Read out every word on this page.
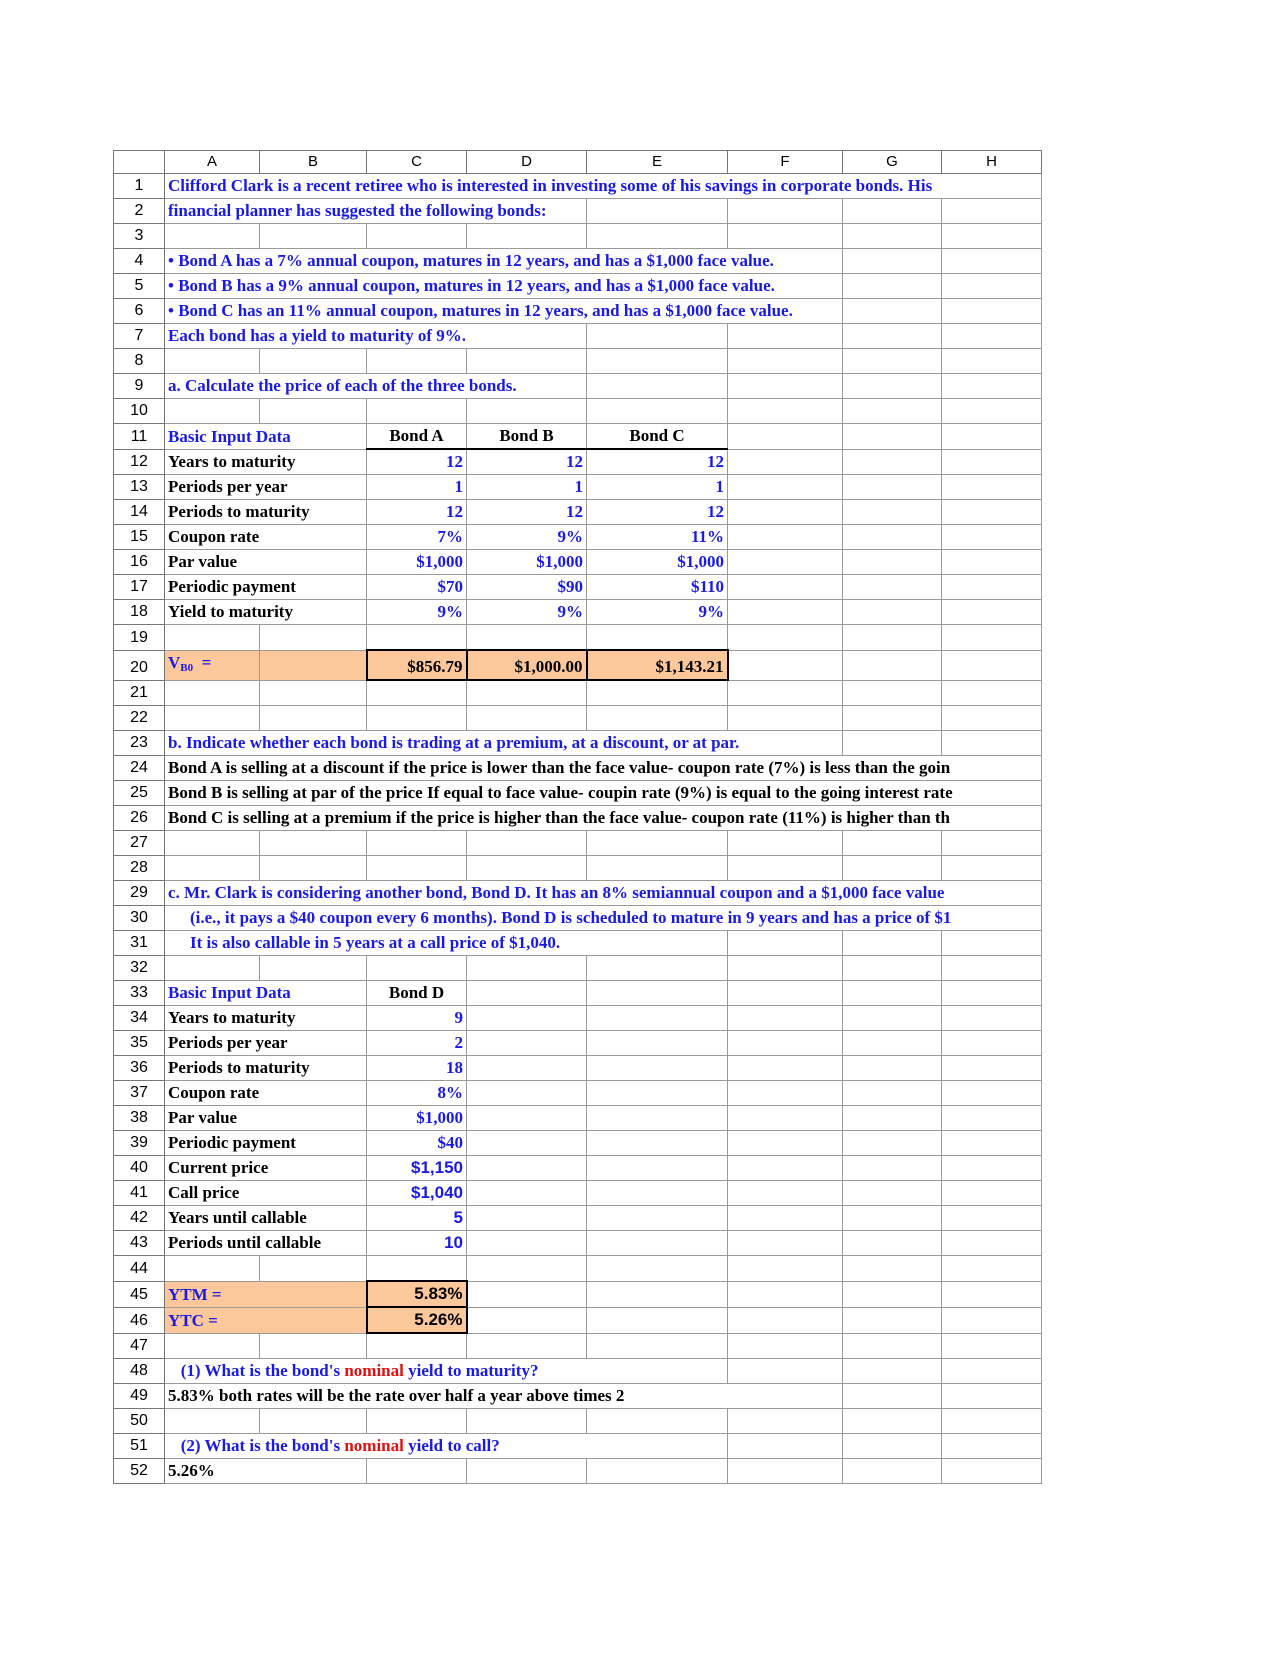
	A	B	C	D	E	F	G	H
1	Clifford Clark is a recent retiree who is interested in investing some of his savings in corporate bonds. His							
2	financial planner has suggested the following bonds:							
3								
4	• Bond A has a 7% annual coupon, matures in 12 years, and has a $1,000 face value.							
5	• Bond B has a 9% annual coupon, matures in 12 years, and has a $1,000 face value.							
6	• Bond C has an 11% annual coupon, matures in 12 years, and has a $1,000 face value.							
7	Each bond has a yield to maturity of 9%.							
8								
9	a. Calculate the price of each of the three bonds.							
10								
11	Basic Input Data		Bond A	Bond B	Bond C			
12	Years to maturity		12	12	12			
13	Periods per year		1	1	1			
14	Periods to maturity		12	12	12			
15	Coupon rate		7%	9%	11%			
16	Par value		$1,000	$1,000	$1,000			
17	Periodic payment		$70	$90	$110			
18	Yield to maturity		9%	9%	9%			
19								
20	$V_{B0}$ =		$856.79	$1,000.00	$1,143.21			
21								
22								
23	b. Indicate whether each bond is trading at a premium, at a discount, or at par.							
24	Bond A is selling at a discount if the price is lower than the face value- coupon rate (7%) is less than the goin							
25	Bond B is selling at par of the price If equal to face value- coupin rate (9%) is equal to the going interest rate							
26	Bond C is selling at a premium if the price is higher than the face value- coupon rate (11%) is higher than th							
27								
28								
29	c. Mr. Clark is considering another bond, Bond D. It has an 8% semiannual coupon and a $1,000 face value							
30	(i.e., it pays a $40 coupon every 6 months). Bond D is scheduled to mature in 9 years and has a price of $1							
31	It is also callable in 5 years at a call price of $1,040.							
32								
33	Basic Input Data		Bond D					
34	Years to maturity		9					
35	Periods per year		2					
36	Periods to maturity		18					
37	Coupon rate		8%					
38	Par value		$1,000					
39	Periodic payment		$40					
40	Current price		$1,150					
41	Call price		$1,040					
42	Years until callable		5					
43	Periods until callable		10					
44								
45	YTM =		5.83%					
46	YTC =		5.26%					
47								
48	(1) What is the bond's nominal yield to maturity?							
49	5.83% both rates will be the rate over half a year above times 2							
50								
51	(2) What is the bond's nominal yield to call?							
52	5.26%							
